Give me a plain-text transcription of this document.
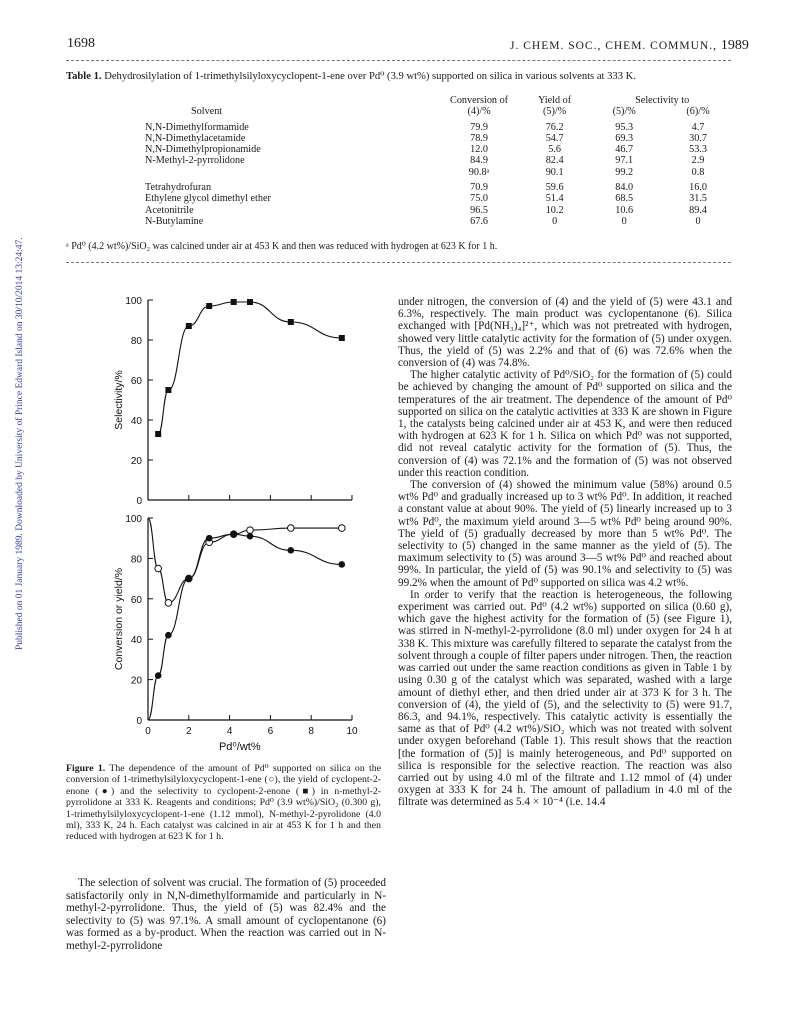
Published on 01 January 1989. Downloaded by University of Prince Edward Island on 30/10/2014 13:24:47.
1698	J. CHEM. SOC., CHEM. COMMUN., 1989
Table 1. Dehydrosilylation of 1-trimethylsilyloxycyclopent-1-ene over Pd⁰ (3.9 wt%) supported on silica in various solvents at 333 K.
	Conversion of	Yield of	Selectivity to	
Solvent	(4)/%	(5)/%	(5)/%	(6)/%

N,N-Dimethylformamide	79.9	76.2	95.3	4.7
N,N-Dimethylacetamide	78.9	54.7	69.3	30.7
N,N-Dimethylpropionamide	12.0	5.6	46.7	53.3
N-Methyl-2-pyrrolidone	84.9	82.4	97.1	2.9
	90.8ᵃ	90.1	99.2	0.8

Tetrahydrofuran	70.9	59.6	84.0	16.0
Ethylene glycol dimethyl ether	75.0	51.4	68.5	31.5
Acetonitrile	96.5	10.2	10.6	89.4
N-Butylamine	67.6	0	0	0
ᵃ Pd⁰ (4.2 wt%)/SiO₂ was calcined under air at 453 K and then was reduced with hydrogen at 623 K for 1 h.
0
20
40
60
80
100
Selectivity/%
0
20
40
60
80
100
Conversion or yield/%
0	2	4	6	8	10
Pd⁰/wt%
Figure 1. The dependence of the amount of Pd⁰ supported on silica on the conversion of 1-trimethylsilyloxycyclopent-1-ene (○), the yield of cyclopent-2-enone (●) and the selectivity to cyclopent-2-enone (■) in n-methyl-2-pyrrolidone at 333 K. Reagents and conditions; Pd⁰ (3.9 wt%)/SiO₂ (0.300 g), 1-trimethylsilyloxycyclopent-1-ene (1.12 mmol), N-methyl-2-pyrolidone (4.0 ml), 333 K, 24 h. Each catalyst was calcined in air at 453 K for 1 h and then reduced with hydrogen at 623 K for 1 h.

The selection of solvent was crucial. The formation of (5) proceeded satisfactorily only in N,N-dimethylformamide and particularly in N-methyl-2-pyrrolidone. Thus, the yield of (5) was 82.4% and the selectivity to (5) was 97.1%. A small amount of cyclopentanone (6) was formed as a by-product. When the reaction was carried out in N-methyl-2-pyrrolidone

under nitrogen, the conversion of (4) and the yield of (5) were 43.1 and 6.3%, respectively. The main product was cyclopentanone (6). Silica exchanged with [Pd(NH₃)₄]²⁺, which was not pretreated with hydrogen, showed very little catalytic activity for the formation of (5) under oxygen. Thus, the yield of (5) was 2.2% and that of (6) was 72.6% when the conversion of (4) was 74.8%.

The higher catalytic activity of Pd⁰/SiO₂ for the formation of (5) could be achieved by changing the amount of Pd⁰ supported on silica and the temperatures of the air treatment. The dependence of the amount of Pd⁰ supported on silica on the catalytic activities at 333 K are shown in Figure 1, the catalysts being calcined under air at 453 K, and were then reduced with hydrogen at 623 K for 1 h. Silica on which Pd⁰ was not supported, did not reveal catalytic activity for the formation of (5). Thus, the conversion of (4) was 72.1% and the formation of (5) was not observed under this reaction condition.

The conversion of (4) showed the minimum value (58%) around 0.5 wt% Pd⁰ and gradually increased up to 3 wt% Pd⁰. In addition, it reached a constant value at about 90%. The yield of (5) linearly increased up to 3 wt% Pd⁰, the maximum yield around 3—5 wt% Pd⁰ being around 90%. The yield of (5) gradually decreased by more than 5 wt% Pd⁰. The selectivity to (5) changed in the same manner as the yield of (5). The maximum selectivity to (5) was around 3—5 wt% Pd⁰ and reached about 99%. In particular, the yield of (5) was 90.1% and selectivity to (5) was 99.2% when the amount of Pd⁰ supported on silica was 4.2 wt%.

In order to verify that the reaction is heterogeneous, the following experiment was carried out. Pd⁰ (4.2 wt%) supported on silica (0.60 g), which gave the highest activity for the formation of (5) (see Figure 1), was stirred in N-methyl-2-pyrrolidone (8.0 ml) under oxygen for 24 h at 338 K. This mixture was carefully filtered to separate the catalyst from the solvent through a couple of filter papers under nitrogen. Then, the reaction was carried out under the same reaction conditions as given in Table 1 by using 0.30 g of the catalyst which was separated, washed with a large amount of diethyl ether, and then dried under air at 373 K for 3 h. The conversion of (4), the yield of (5), and the selectivity to (5) were 91.7, 86.3, and 94.1%, respectively. This catalytic activity is essentially the same as that of Pd⁰ (4.2 wt%)/SiO₂ which was not treated with solvent under oxygen beforehand (Table 1). This result shows that the reaction [the formation of (5)] is mainly heterogeneous, and Pd⁰ supported on silica is responsible for the selective reaction. The reaction was also carried out by using 4.0 ml of the filtrate and 1.12 mmol of (4) under oxygen at 333 K for 24 h. The amount of palladium in 4.0 ml of the filtrate was determined as 5.4 × 10⁻⁴ (i.e. 14.4
